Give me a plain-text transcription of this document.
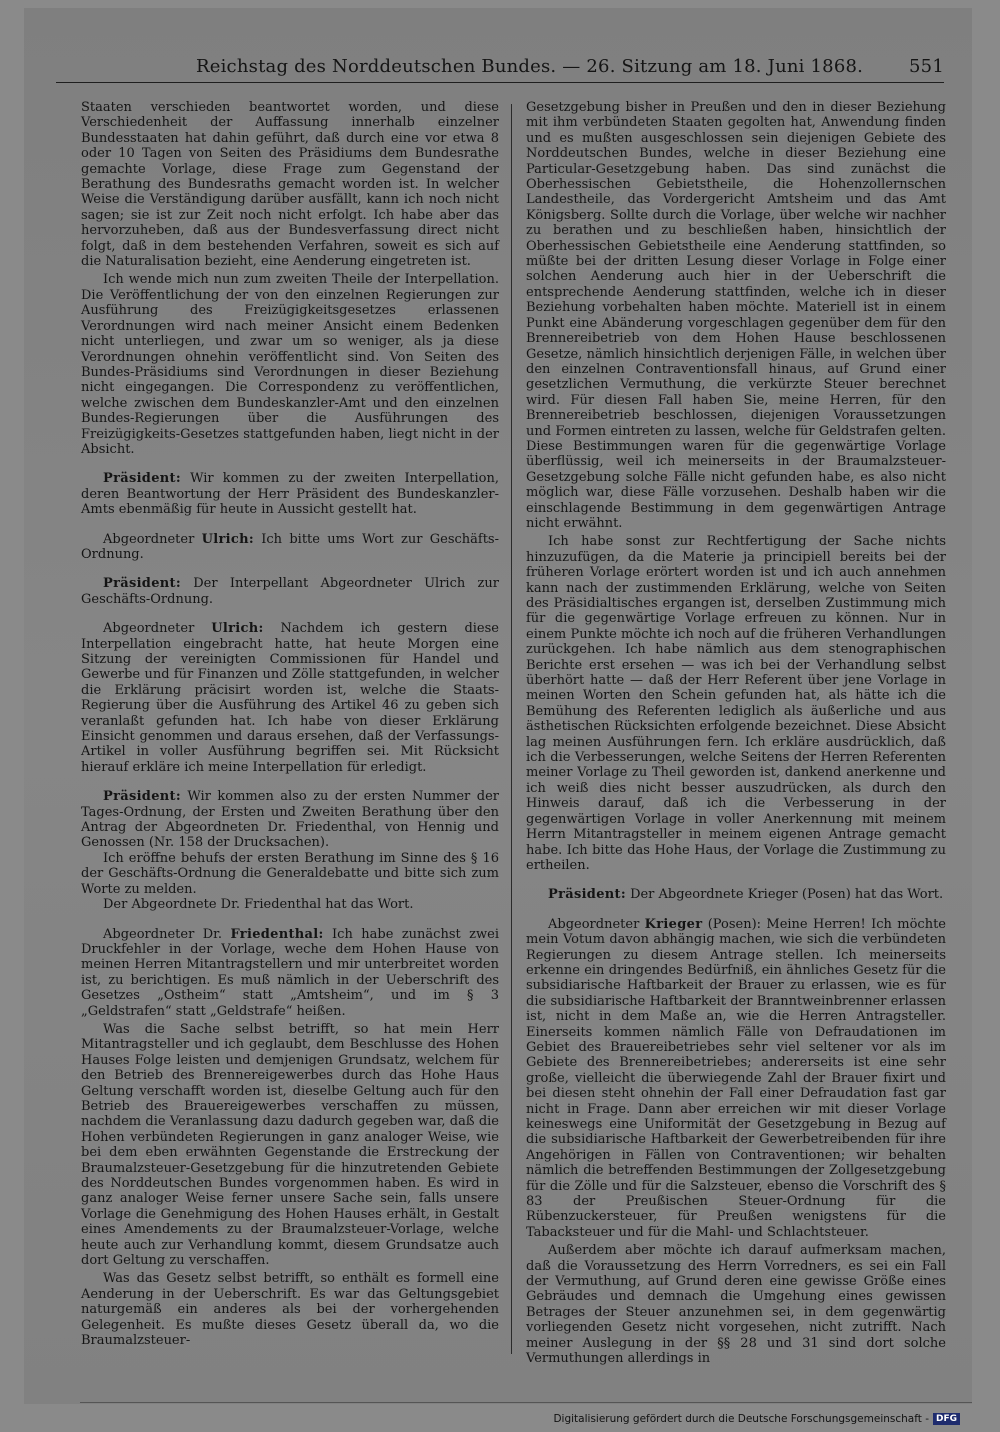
Reichstag des Norddeutschen Bundes. — 26. Sitzung am 18. Juni 1868.	551

Staaten verschieden beantwortet worden, und diese Verschiedenheit der Auffassung innerhalb einzelner Bundesstaaten hat dahin geführt, daß durch eine vor etwa 8 oder 10 Tagen von Seiten des Präsidiums dem Bundesrathe gemachte Vorlage, diese Frage zum Gegenstand der Berathung des Bundesraths gemacht worden ist. In welcher Weise die Verständigung darüber ausfällt, kann ich noch nicht sagen; sie ist zur Zeit noch nicht erfolgt. Ich habe aber das hervorzuheben, daß aus der Bundesverfassung direct nicht folgt, daß in dem bestehenden Verfahren, soweit es sich auf die Naturalisation bezieht, eine Aenderung eingetreten ist.

Ich wende mich nun zum zweiten Theile der Interpellation. Die Veröffentlichung der von den einzelnen Regierungen zur Ausführung des Freizügigkeitsgesetzes erlassenen Verordnungen wird nach meiner Ansicht einem Bedenken nicht unterliegen, und zwar um so weniger, als ja diese Verordnungen ohnehin veröffentlicht sind. Von Seiten des Bundes-Präsidiums sind Verordnungen in dieser Beziehung nicht eingegangen. Die Correspondenz zu veröffentlichen, welche zwischen dem Bundeskanzler-Amt und den einzelnen Bundes-Regierungen über die Ausführungen des Freizügigkeits-Gesetzes stattgefunden haben, liegt nicht in der Absicht.

Präsident: Wir kommen zu der zweiten Interpellation, deren Beantwortung der Herr Präsident des Bundeskanzler-Amts ebenmäßig für heute in Aussicht gestellt hat.

Abgeordneter Ulrich: Ich bitte ums Wort zur Geschäfts-Ordnung.

Präsident: Der Interpellant Abgeordneter Ulrich zur Geschäfts-Ordnung.

Abgeordneter Ulrich: Nachdem ich gestern diese Interpellation eingebracht hatte, hat heute Morgen eine Sitzung der vereinigten Commissionen für Handel und Gewerbe und für Finanzen und Zölle stattgefunden, in welcher die Erklärung präcisirt worden ist, welche die Staats-Regierung über die Ausführung des Artikel 46 zu geben sich veranlaßt gefunden hat. Ich habe von dieser Erklärung Einsicht genommen und daraus ersehen, daß der Verfassungs-Artikel in voller Ausführung begriffen sei. Mit Rücksicht hierauf erkläre ich meine Interpellation für erledigt.

Präsident: Wir kommen also zu der ersten Nummer der Tages-Ordnung, der Ersten und Zweiten Berathung über den Antrag der Abgeordneten Dr. Friedenthal, von Hennig und Genossen (Nr. 158 der Drucksachen).

Ich eröffne behufs der ersten Berathung im Sinne des § 16 der Geschäfts-Ordnung die Generaldebatte und bitte sich zum Worte zu melden.

Der Abgeordnete Dr. Friedenthal hat das Wort.

Abgeordneter Dr. Friedenthal: Ich habe zunächst zwei Druckfehler in der Vorlage, weche dem Hohen Hause von meinen Herren Mitantragstellern und mir unterbreitet worden ist, zu berichtigen. Es muß nämlich in der Ueberschrift des Gesetzes „Ostheim“ statt „Amtsheim“, und im § 3 „Geldstrafen“ statt „Geldstrafe“ heißen.

Was die Sache selbst betrifft, so hat mein Herr Mitantragsteller und ich geglaubt, dem Beschlusse des Hohen Hauses Folge leisten und demjenigen Grundsatz, welchem für den Betrieb des Brennereigewerbes durch das Hohe Haus Geltung verschafft worden ist, dieselbe Geltung auch für den Betrieb des Brauereigewerbes verschaffen zu müssen, nachdem die Veranlassung dazu dadurch gegeben war, daß die Hohen verbündeten Regierungen in ganz analoger Weise, wie bei dem eben erwähnten Gegenstande die Erstreckung der Braumalzsteuer-Gesetzgebung für die hinzutretenden Gebiete des Norddeutschen Bundes vorgenommen haben. Es wird in ganz analoger Weise ferner unsere Sache sein, falls unsere Vorlage die Genehmigung des Hohen Hauses erhält, in Gestalt eines Amendements zu der Braumalzsteuer-Vorlage, welche heute auch zur Verhandlung kommt, diesem Grundsatze auch dort Geltung zu verschaffen.

Was das Gesetz selbst betrifft, so enthält es formell eine Aenderung in der Ueberschrift. Es war das Geltungsgebiet naturgemäß ein anderes als bei der vorhergehenden Gelegenheit. Es mußte dieses Gesetz überall da, wo die Braumalzsteuer-

Gesetzgebung bisher in Preußen und den in dieser Beziehung mit ihm verbündeten Staaten gegolten hat, Anwendung finden und es mußten ausgeschlossen sein diejenigen Gebiete des Norddeutschen Bundes, welche in dieser Beziehung eine Particular-Gesetzgebung haben. Das sind zunächst die Oberhessischen Gebietstheile, die Hohenzollernschen Landestheile, das Vordergericht Amtsheim und das Amt Königsberg. Sollte durch die Vorlage, über welche wir nachher zu berathen und zu beschließen haben, hinsichtlich der Oberhessischen Gebietstheile eine Aenderung stattfinden, so müßte bei der dritten Lesung dieser Vorlage in Folge einer solchen Aenderung auch hier in der Ueberschrift die entsprechende Aenderung stattfinden, welche ich in dieser Beziehung vorbehalten haben möchte. Materiell ist in einem Punkt eine Abänderung vorgeschlagen gegenüber dem für den Brennereibetrieb von dem Hohen Hause beschlossenen Gesetze, nämlich hinsichtlich derjenigen Fälle, in welchen über den einzelnen Contraventionsfall hinaus, auf Grund einer gesetzlichen Vermuthung, die verkürzte Steuer berechnet wird. Für diesen Fall haben Sie, meine Herren, für den Brennereibetrieb beschlossen, diejenigen Voraussetzungen und Formen eintreten zu lassen, welche für Geldstrafen gelten. Diese Bestimmungen waren für die gegenwärtige Vorlage überflüssig, weil ich meinerseits in der Braumalzsteuer-Gesetzgebung solche Fälle nicht gefunden habe, es also nicht möglich war, diese Fälle vorzusehen. Deshalb haben wir die einschlagende Bestimmung in dem gegenwärtigen Antrage nicht erwähnt.

Ich habe sonst zur Rechtfertigung der Sache nichts hinzuzufügen, da die Materie ja principiell bereits bei der früheren Vorlage erörtert worden ist und ich auch annehmen kann nach der zustimmenden Erklärung, welche von Seiten des Präsidialtisches ergangen ist, derselben Zustimmung mich für die gegenwärtige Vorlage erfreuen zu können. Nur in einem Punkte möchte ich noch auf die früheren Verhandlungen zurückgehen. Ich habe nämlich aus dem stenographischen Berichte erst ersehen — was ich bei der Verhandlung selbst überhört hatte — daß der Herr Referent über jene Vorlage in meinen Worten den Schein gefunden hat, als hätte ich die Bemühung des Referenten lediglich als äußerliche und aus ästhetischen Rücksichten erfolgende bezeichnet. Diese Absicht lag meinen Ausführungen fern. Ich erkläre ausdrücklich, daß ich die Verbesserungen, welche Seitens der Herren Referenten meiner Vorlage zu Theil geworden ist, dankend anerkenne und ich weiß dies nicht besser auszudrücken, als durch den Hinweis darauf, daß ich die Verbesserung in der gegenwärtigen Vorlage in voller Anerkennung mit meinem Herrn Mitantragsteller in meinem eigenen Antrage gemacht habe. Ich bitte das Hohe Haus, der Vorlage die Zustimmung zu ertheilen.

Präsident: Der Abgeordnete Krieger (Posen) hat das Wort.

Abgeordneter Krieger (Posen): Meine Herren! Ich möchte mein Votum davon abhängig machen, wie sich die verbündeten Regierungen zu diesem Antrage stellen. Ich meinerseits erkenne ein dringendes Bedürfniß, ein ähnliches Gesetz für die subsidiarische Haftbarkeit der Brauer zu erlassen, wie es für die subsidiarische Haftbarkeit der Branntweinbrenner erlassen ist, nicht in dem Maße an, wie die Herren Antragsteller. Einerseits kommen nämlich Fälle von Defraudationen im Gebiet des Brauereibetriebes sehr viel seltener vor als im Gebiete des Brennereibetriebes; andererseits ist eine sehr große, vielleicht die überwiegende Zahl der Brauer fixirt und bei diesen steht ohnehin der Fall einer Defraudation fast gar nicht in Frage. Dann aber erreichen wir mit dieser Vorlage keineswegs eine Uniformität der Gesetzgebung in Bezug auf die subsidiarische Haftbarkeit der Gewerbetreibenden für ihre Angehörigen in Fällen von Contraventionen; wir behalten nämlich die betreffenden Bestimmungen der Zollgesetzgebung für die Zölle und für die Salzsteuer, ebenso die Vorschrift des § 83 der Preußischen Steuer-Ordnung für die Rübenzuckersteuer, für Preußen wenigstens für die Tabacksteuer und für die Mahl- und Schlachtsteuer.

Außerdem aber möchte ich darauf aufmerksam machen, daß die Voraussetzung des Herrn Vorredners, es sei ein Fall der Vermuthung, auf Grund deren eine gewisse Größe eines Gebräudes und demnach die Umgehung eines gewissen Betrages der Steuer anzunehmen sei, in dem gegenwärtig vorliegenden Gesetz nicht vorgesehen, nicht zutrifft. Nach meiner Auslegung in der §§ 28 und 31 sind dort solche Vermuthungen allerdings in

Digitalisierung gefördert durch die Deutsche Forschungsgemeinschaft - DFG
